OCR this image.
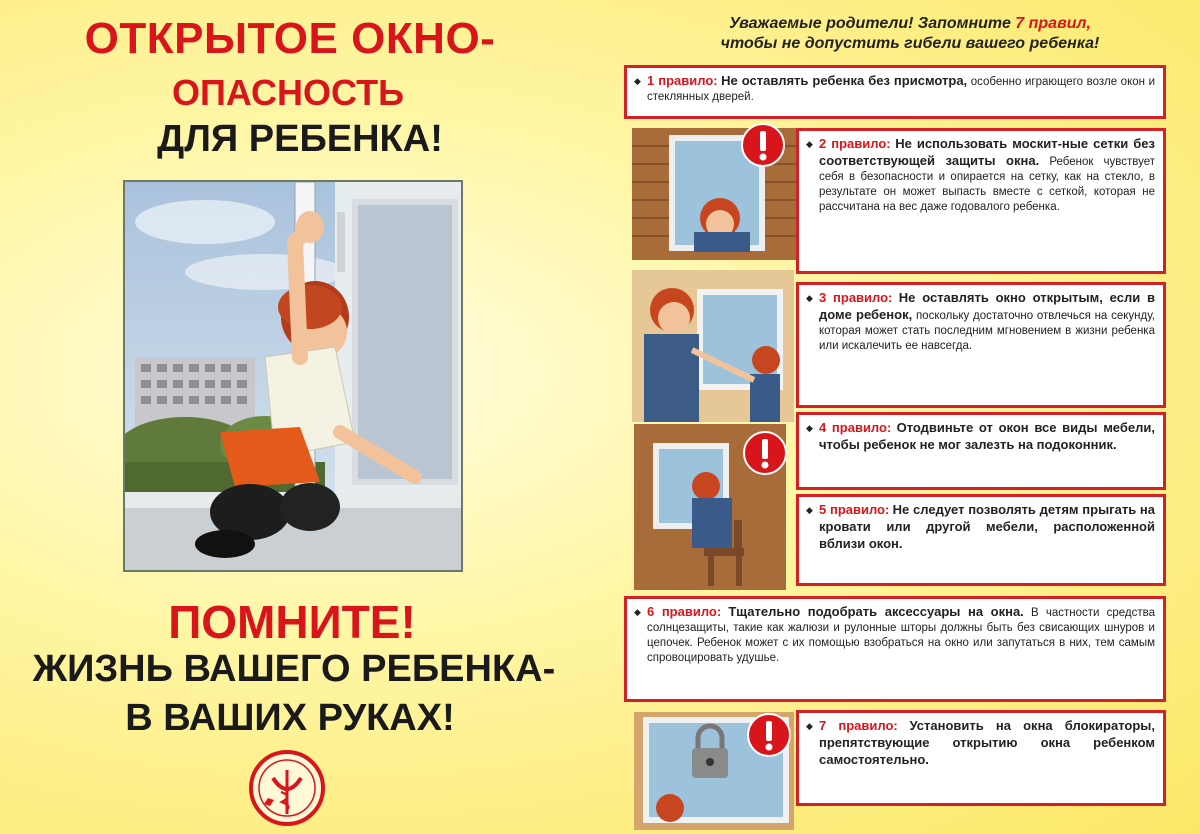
ОТКРЫТОЕ ОКНО-
ОПАСНОСТЬ
ДЛЯ РЕБЕНКА!
ПОМНИТЕ!
ЖИЗНЬ ВАШЕГО РЕБЕНКА-
В ВАШИХ РУКАХ!
Уважаемые родители! Запомните 7 правил,
чтобы не допустить гибели вашего ребенка!
◆ 1 правило: Не оставлять ребенка без присмотра, особенно играющего возле окон и стеклянных дверей.
◆ 2 правило: Не использовать москит-ные сетки без соответствующей защиты окна. Ребенок чувствует себя в безопасности и опирается на сетку, как на стекло, в результате он может выпасть вместе с сеткой, которая не рассчитана на вес даже годовалого ребенка.
◆ 3 правило: Не оставлять окно открытым, если в доме ребенок, поскольку достаточно отвлечься на секунду, которая может стать последним мгновением в жизни ребенка или искалечить ее навсегда.
◆ 4 правило: Отодвиньте от окон все виды мебели, чтобы ребенок не мог залезть на подоконник.
◆ 5 правило: Не следует позволять детям прыгать на кровати или другой мебели, расположенной вблизи окон.
◆ 6 правило: Тщательно подобрать аксессуары на окна. В частности средства солнцезащиты, такие как жалюзи и рулонные шторы должны быть без свисающих шнуров и цепочек. Ребенок может с их помощью взобраться на окно или запутаться в них, тем самым спровоцировать удушье.
◆ 7 правило: Установить на окна блокираторы, препятствующие открытию окна ребенком самостоятельно.
